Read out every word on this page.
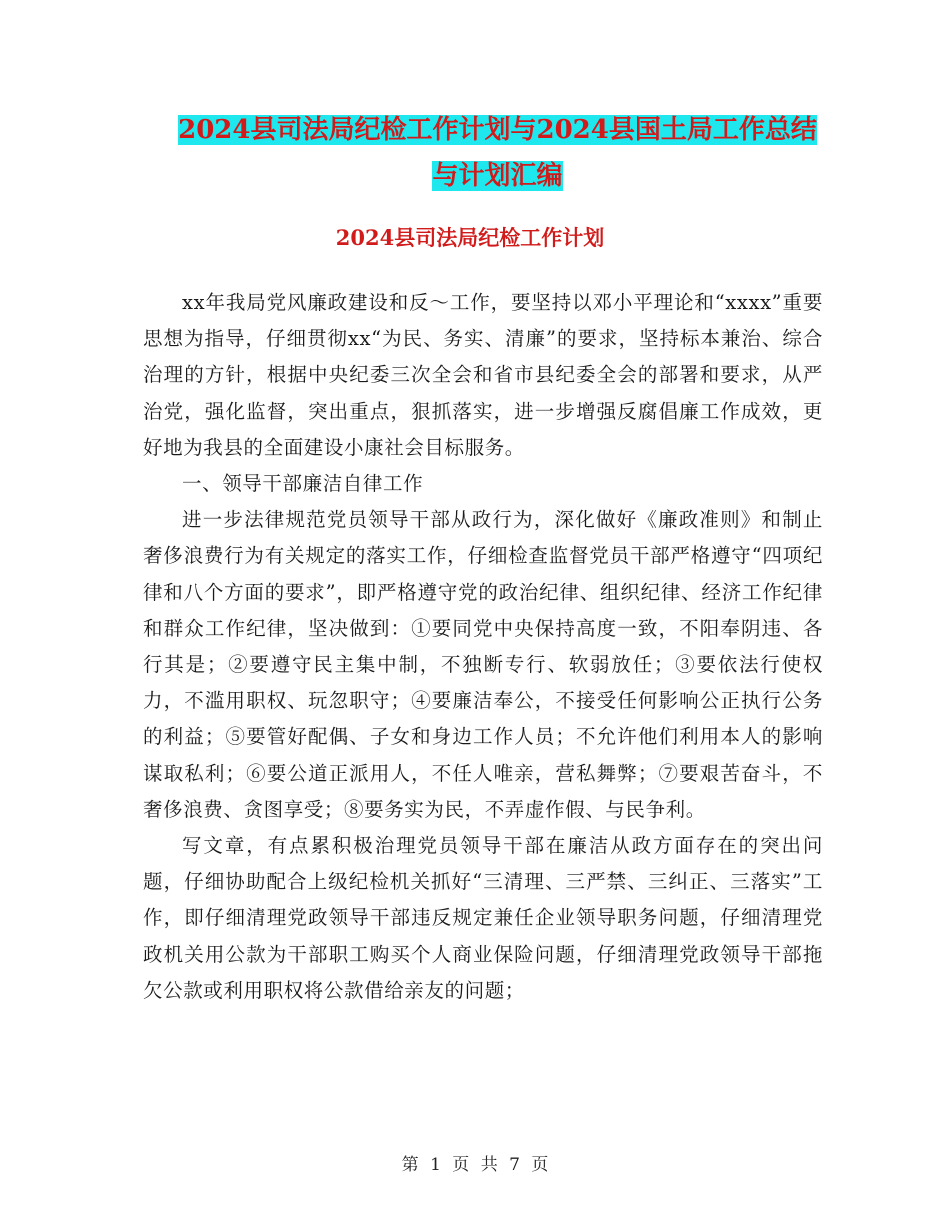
2024县司法局纪检工作计划与2024县国土局工作总结
与计划汇编
2024县司法局纪检工作计划

xx年我局党风廉政建设和反～工作，要坚持以邓小平理论和“xxxx”重要思想为指导，仔细贯彻xx“为民、务实、清廉”的要求，坚持标本兼治、综合治理的方针，根据中央纪委三次全会和省市县纪委全会的部署和要求，从严治党，强化监督，突出重点，狠抓落实，进一步增强反腐倡廉工作成效，更好地为我县的全面建设小康社会目标服务。

一、领导干部廉洁自律工作

进一步法律规范党员领导干部从政行为，深化做好《廉政准则》和制止奢侈浪费行为有关规定的落实工作，仔细检查监督党员干部严格遵守“四项纪律和八个方面的要求”，即严格遵守党的政治纪律、组织纪律、经济工作纪律和群众工作纪律，坚决做到：①要同党中央保持高度一致，不阳奉阴违、各行其是；②要遵守民主集中制，不独断专行、软弱放任；③要依法行使权力，不滥用职权、玩忽职守；④要廉洁奉公，不接受任何影响公正执行公务的利益；⑤要管好配偶、子女和身边工作人员；不允许他们利用本人的影响谋取私利；⑥要公道正派用人，不任人唯亲，营私舞弊；⑦要艰苦奋斗，不奢侈浪费、贪图享受；⑧要务实为民，不弄虚作假、与民争利。

写文章，有点累积极治理党员领导干部在廉洁从政方面存在的突出问题，仔细协助配合上级纪检机关抓好“三清理、三严禁、三纠正、三落实”工作，即仔细清理党政领导干部违反规定兼任企业领导职务问题，仔细清理党政机关用公款为干部职工购买个人商业保险问题，仔细清理党政领导干部拖欠公款或利用职权将公款借给亲友的问题；

第 1 页 共 7 页
